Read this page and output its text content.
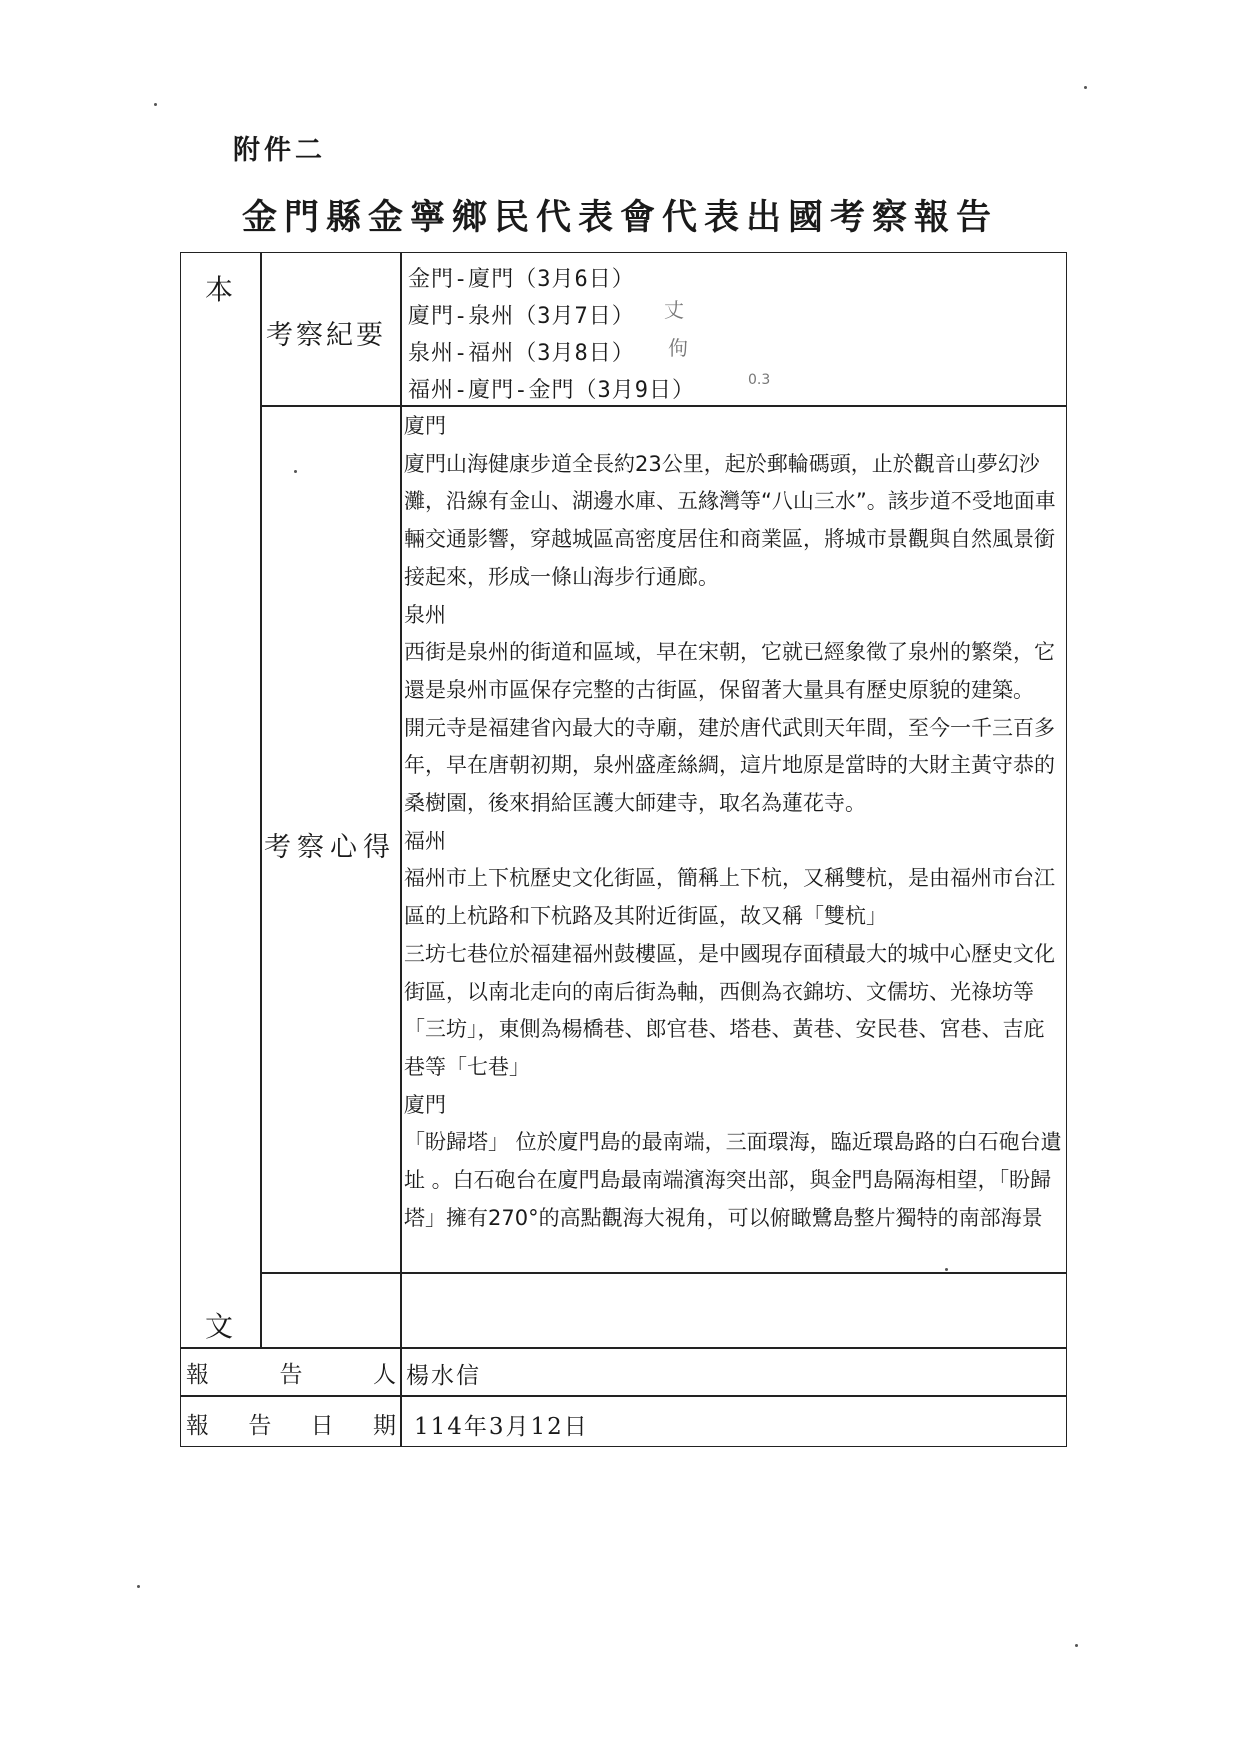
附件二
金門縣金寧鄉民代表會代表出國考察報告
本
文
考察紀要
金門-廈門（3月6日）
廈門-泉州（3月7日）
泉州-福州（3月8日）
福州-廈門-金門（3月9日）
丈
佝
0.3
考察心得

廈門

廈門山海健康步道全長約23公里，起於郵輪碼頭，止於觀音山夢幻沙灘，沿線有金山、湖邊水庫、五緣灣等“八山三水”。該步道不受地面車輛交通影響，穿越城區高密度居住和商業區，將城市景觀與自然風景銜接起來，形成一條山海步行通廊。

泉州

西街是泉州的街道和區域，早在宋朝，它就已經象徵了泉州的繁榮，它還是泉州市區保存完整的古街區，保留著大量具有歷史原貌的建築。　開元寺是福建省內最大的寺廟，建於唐代武則天年間，至今一千三百多年，早在唐朝初期，泉州盛產絲綢，這片地原是當時的大財主黃守恭的桑樹園，後來捐給匡護大師建寺，取名為蓮花寺。

福州

福州市上下杭歷史文化街區，簡稱上下杭，又稱雙杭，是由福州市台江區的上杭路和下杭路及其附近街區，故又稱「雙杭」

三坊七巷位於福建福州鼓樓區，是中國現存面積最大的城中心歷史文化街區，以南北走向的南后街為軸，西側為衣錦坊、文儒坊、光祿坊等「三坊」，東側為楊橋巷、郎官巷、塔巷、黃巷、安民巷、宮巷、吉庇巷等「七巷」

廈門

「盼歸塔」 位於廈門島的最南端，三面環海，臨近環島路的白石砲台遺址 。白石砲台在廈門島最南端濱海突出部，與金門島隔海相望，「盼歸塔」擁有270°的高點觀海大視角，可以俯瞰鷺島整片獨特的南部海景

報告人 楊水信
報告日期 114年3月12日
